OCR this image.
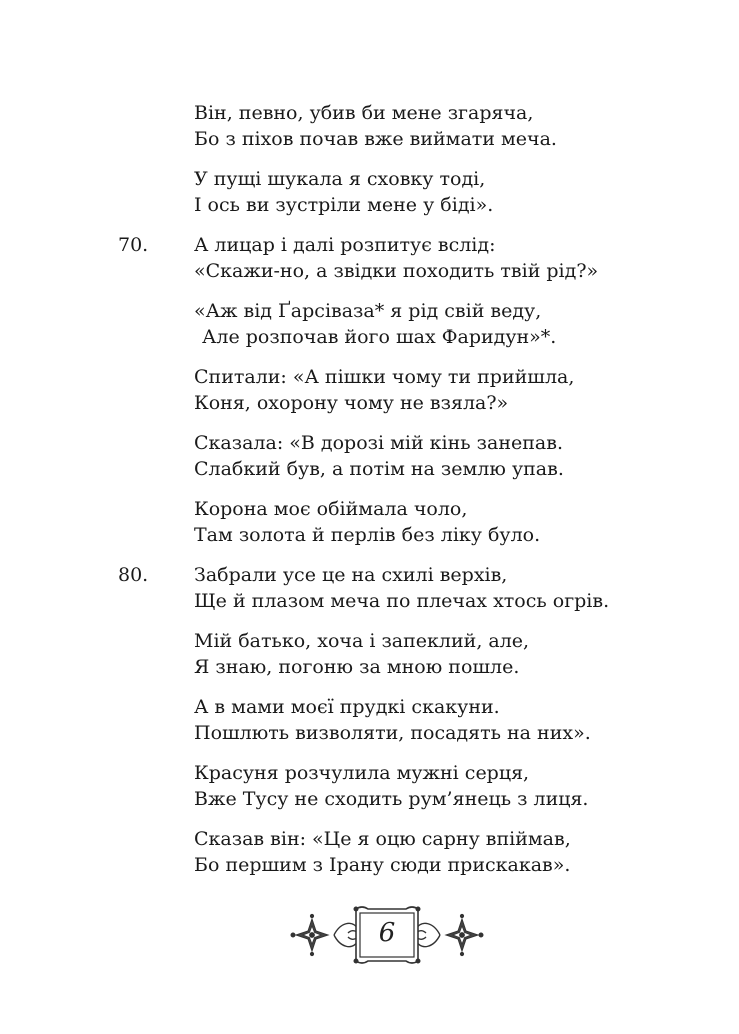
Він, певно, убив би мене згаряча,
Бо з піхов почав вже виймати меча.
У пущі шукала я сховку тоді,
І ось ви зустріли мене у біді».
70. А лицар і далі розпитує вслід:
«Скажи-но, а звідки походить твій рід?»
«Аж від Ґарсіваза* я рід свій веду,
Але розпочав його шах Фаридун»*.
Спитали: «А пішки чому ти прийшла,
Коня, охорону чому не взяла?»
Сказала: «В дорозі мій кінь занепав.
Слабкий був, а потім на землю упав.
Корона моє обіймала чоло,
Там золота й перлів без ліку було.
80. Забрали усе це на схилі верхів,
Ще й плазом меча по плечах хтось огрів.
Мій батько, хоча і запеклий, але,
Я знаю, погоню за мною пошле.
А в мами моєї прудкі скакуни.
Пошлють визволяти, посадять на них».
Красуня розчулила мужні серця,
Вже Тусу не сходить рум’янець з лиця.
Сказав він: «Це я оцю сарну впіймав,
Бо першим з Ірану сюди прискакав».
6
